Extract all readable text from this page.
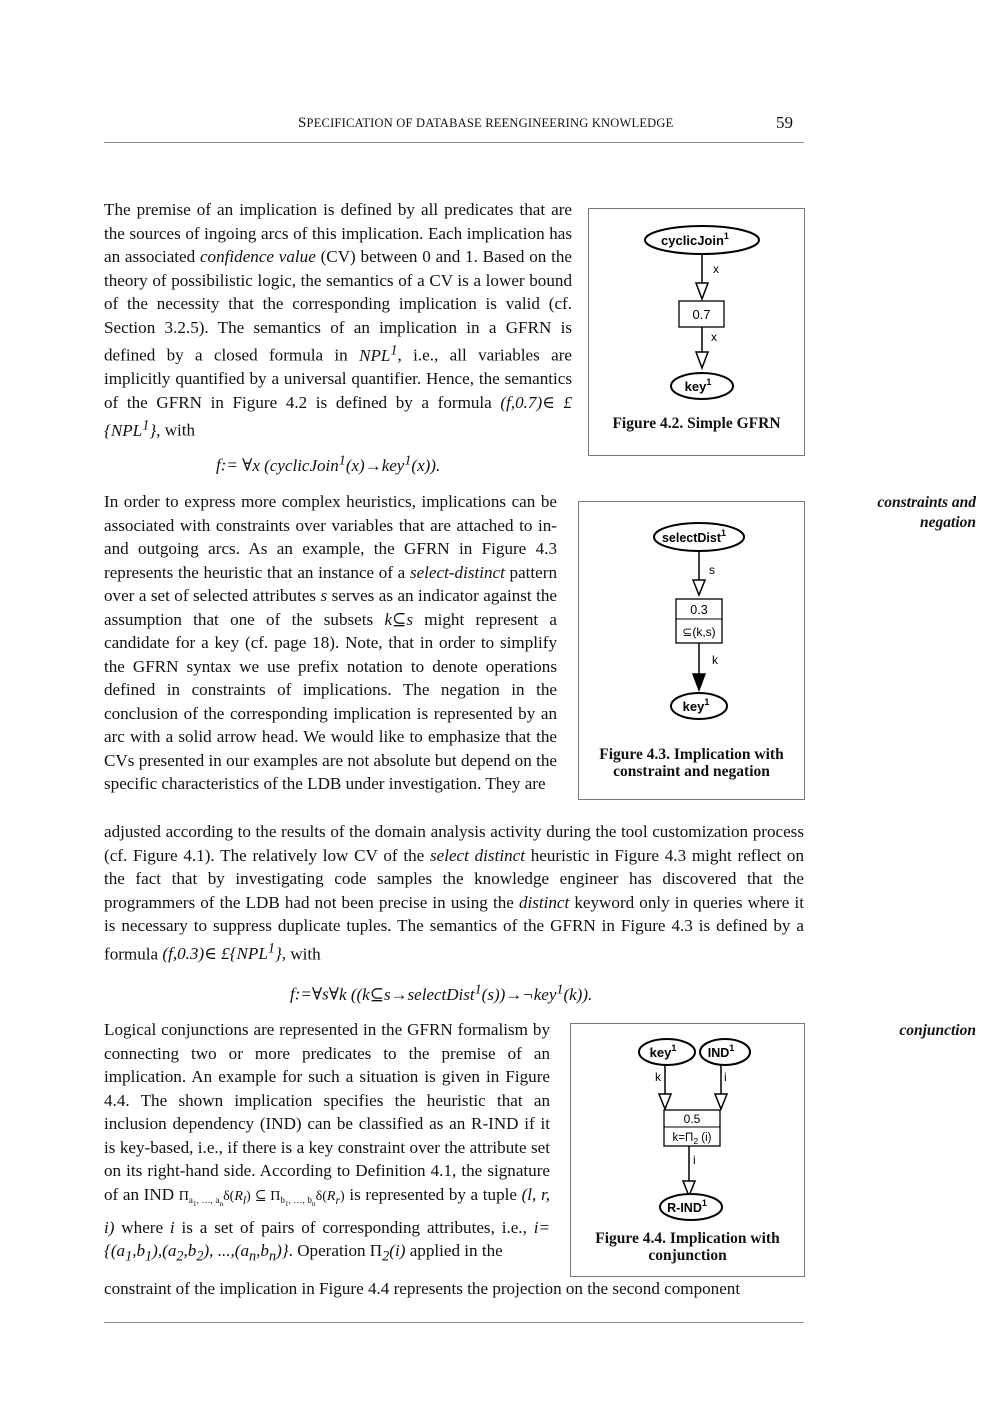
SPECIFICATION OF DATABASE REENGINEERING KNOWLEDGE	59

The premise of an implication is defined by all predicates that are the sources of ingoing arcs of this implication. Each implication has an associated confidence value (CV) between 0 and 1. Based on the theory of possibilistic logic, the semantics of a CV is a lower bound of the necessity that the corresponding implication is valid (cf. Section 3.2.5). The semantics of an implication in a GFRN is defined by a closed formula in NPL$^1$, i.e., all variables are implicitly quantified by a universal quantifier. Hence, the semantics of the GFRN in Figure 4.2 is defined by a formula (f,0.7)∈ £{NPL$^1$}, with

cyclicJoin$^1$
x
0.7
x
key$^1$
Figure 4.2. Simple GFRN
f:= ∀x (cyclicJoin$^1$(x)→key$^1$(x)).

In order to express more complex heuristics, implications can be associated with constraints over variables that are attached to in- and outgoing arcs. As an example, the GFRN in Figure 4.3 represents the heuristic that an instance of a select-distinct pattern over a set of selected attributes s serves as an indicator against the assumption that one of the subsets k⊆s might represent a candidate for a key (cf. page 18). Note, that in order to simplify the GFRN syntax we use prefix notation to denote operations defined in constraints of implications. The negation in the conclusion of the corresponding implication is represented by an arc with a solid arrow head. We would like to emphasize that the CVs presented in our examples are not absolute but depend on the specific characteristics of the LDB under investigation. They are

constraints and negation
selectDist$^1$
s
0.3
⊆(k,s)
k
key$^1$
Figure 4.3. Implication with
constraint and negation

adjusted according to the results of the domain analysis activity during the tool customization process (cf. Figure 4.1). The relatively low CV of the select distinct heuristic in Figure 4.3 might reflect on the fact that by investigating code samples the knowledge engineer has discovered that the programmers of the LDB had not been precise in using the distinct keyword only in queries where it is necessary to suppress duplicate tuples. The semantics of the GFRN in Figure 4.3 is defined by a formula (f,0.3)∈ £{NPL$^1$}, with

f:=∀s∀k ((k⊆s→selectDist$^1$(s))→¬key$^1$(k)).

Logical conjunctions are represented in the GFRN formalism by connecting two or more predicates to the premise of an implication. An example for such a situation is given in Figure 4.4. The shown implication specifies the heuristic that an inclusion dependency (IND) can be classified as an R-IND if it is key-based, i.e., if there is a key constraint over the attribute set on its right-hand side. According to Definition 4.1, the signature of an IND $\Pi_{a_1, \dots, a_n}\delta(R_l)$ ⊆ $\Pi_{b_1, \dots, b_n}\delta(R_r)$ is represented by a tuple (l, r, i) where i is a set of pairs of corresponding attributes, i.e., $i=\{(a_1,b_1),(a_2,b_2)$, $...,(a_n,b_n)$}. Operation $\Pi_2(i)$ applied in the

conjunction
key$^1$	IND$^1$
k	i
0.5
$k=\Pi_2$ (i)
i
R-IND$^1$
Figure 4.4. Implication with
conjunction

constraint of the implication in Figure 4.4 represents the projection on the second component
